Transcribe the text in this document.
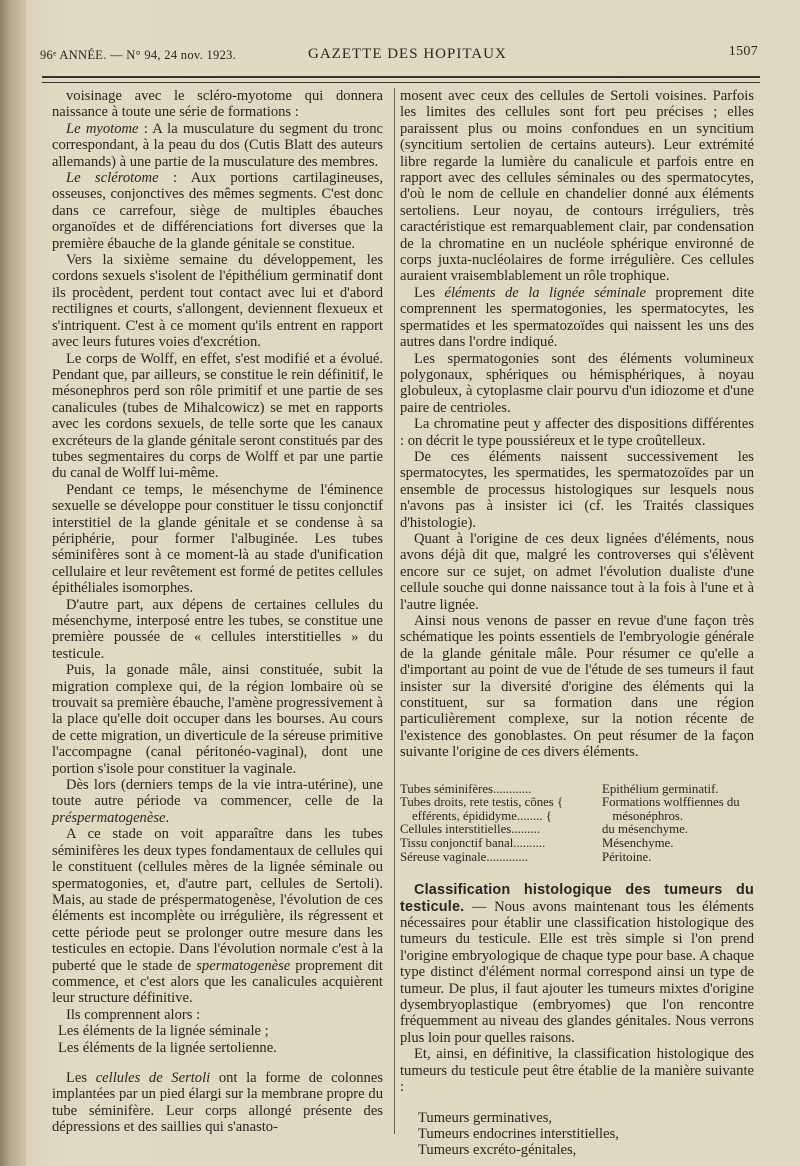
96ᵉ ANNÉE. — N° 94, 24 nov. 1923.	GAZETTE DES HOPITAUX	1507

voisinage avec le scléro-myotome qui donnera naissance à toute une série de formations :

Le myotome : A la musculature du segment du tronc correspondant, à la peau du dos (Cutis Blatt des auteurs allemands) à une partie de la musculature des membres.

Le sclérotome : Aux portions cartilagineuses, osseuses, conjonctives des mêmes segments. C'est donc dans ce carrefour, siège de multiples ébauches organoïdes et de différenciations fort diverses que la première ébauche de la glande génitale se constitue.

Vers la sixième semaine du développement, les cordons sexuels s'isolent de l'épithélium germinatif dont ils procèdent, perdent tout contact avec lui et d'abord rectilignes et courts, s'allongent, deviennent flexueux et s'intriquent. C'est à ce moment qu'ils entrent en rapport avec leurs futures voies d'excrétion.

Le corps de Wolff, en effet, s'est modifié et a évolué. Pendant que, par ailleurs, se constitue le rein définitif, le mésonephros perd son rôle primitif et une partie de ses canalicules (tubes de Mihalcowicz) se met en rapports avec les cordons sexuels, de telle sorte que les canaux excréteurs de la glande génitale seront constitués par des tubes segmentaires du corps de Wolff et par une partie du canal de Wolff lui-même.

Pendant ce temps, le mésenchyme de l'éminence sexuelle se développe pour constituer le tissu conjonctif interstitiel de la glande génitale et se condense à sa périphérie, pour former l'albuginée. Les tubes séminifères sont à ce moment-là au stade d'unification cellulaire et leur revêtement est formé de petites cellules épithéliales isomorphes.

D'autre part, aux dépens de certaines cellules du mésenchyme, interposé entre les tubes, se constitue une première poussée de « cellules interstitielles » du testicule.

Puis, la gonade mâle, ainsi constituée, subit la migration complexe qui, de la région lombaire où se trouvait sa première ébauche, l'amène progressivement à la place qu'elle doit occuper dans les bourses. Au cours de cette migration, un diverticule de la séreuse primitive l'accompagne (canal péritonéo-vaginal), dont une portion s'isole pour constituer la vaginale.

Dès lors (derniers temps de la vie intra-utérine), une toute autre période va commencer, celle de la préspermatogenèse.

A ce stade on voit apparaître dans les tubes séminifères les deux types fondamentaux de cellules qui le constituent (cellules mères de la lignée séminale ou spermatogonies, et, d'autre part, cellules de Sertoli). Mais, au stade de préspermatogenèse, l'évolution de ces éléments est incomplète ou irrégulière, ils régressent et cette période peut se prolonger outre mesure dans les testicules en ectopie. Dans l'évolution normale c'est à la puberté que le stade de spermatogenèse proprement dit commence, et c'est alors que les canalicules acquièrent leur structure définitive.

Ils comprennent alors :

Les éléments de la lignée séminale ;

Les éléments de la lignée sertolienne.

Les cellules de Sertoli ont la forme de colonnes implantées par un pied élargi sur la membrane propre du tube séminifère. Leur corps allongé présente des dépressions et des saillies qui s'anasto-

mosent avec ceux des cellules de Sertoli voisines. Parfois les limites des cellules sont fort peu précises ; elles paraissent plus ou moins confondues en un syncitium (syncitium sertolien de certains auteurs). Leur extrémité libre regarde la lumière du canalicule et parfois entre en rapport avec des cellules séminales ou des spermatocytes, d'où le nom de cellule en chandelier donné aux éléments sertoliens. Leur noyau, de contours irréguliers, très caractéristique est remarquablement clair, par condensation de la chromatine en un nucléole sphérique environné de corps juxta-nucléolaires de forme irrégulière. Ces cellules auraient vraisemblablement un rôle trophique.

Les éléments de la lignée séminale proprement dite comprennent les spermatogonies, les spermatocytes, les spermatides et les spermatozoïdes qui naissent les uns des autres dans l'ordre indiqué.

Les spermatogonies sont des éléments volumineux polygonaux, sphériques ou hémisphériques, à noyau globuleux, à cytoplasme clair pourvu d'un idiozome et d'une paire de centrioles.

La chromatine peut y affecter des dispositions différentes : on décrit le type poussiéreux et le type croûtelleux.

De ces éléments naissent successivement les spermatocytes, les spermatides, les spermatozoïdes par un ensemble de processus histologiques sur lesquels nous n'avons pas à insister ici (cf. les Traités classiques d'histologie).

Quant à l'origine de ces deux lignées d'éléments, nous avons déjà dit que, malgré les controverses qui s'élèvent encore sur ce sujet, on admet l'évolution dualiste d'une cellule souche qui donne naissance tout à la fois à l'une et à l'autre lignée.

Ainsi nous venons de passer en revue d'une façon très schématique les points essentiels de l'embryologie générale de la glande génitale mâle. Pour résumer ce qu'elle a d'important au point de vue de l'étude de ses tumeurs il faut insister sur la diversité d'origine des éléments qui la constituent, sur sa formation dans une région particulièrement complexe, sur la notion récente de l'existence des gonoblastes. On peut résumer de la façon suivante l'origine de ces divers éléments.

Tubes séminifères............	Epithélium germinatif.
Tubes droits, rete testis, cônes {	Formations wolffiennes du
efférents, épididyme........ {	mésonéphros.
Cellules interstitielles.........	du mésenchyme.
Tissu conjonctif banal..........	Mésenchyme.
Séreuse vaginale.............	Péritoine.

Classification histologique des tumeurs du testicule. — Nous avons maintenant tous les éléments nécessaires pour établir une classification histologique des tumeurs du testicule. Elle est très simple si l'on prend l'origine embryologique de chaque type pour base. A chaque type distinct d'élément normal correspond ainsi un type de tumeur. De plus, il faut ajouter les tumeurs mixtes d'origine dysembryoplastique (embryomes) que l'on rencontre fréquemment au niveau des glandes génitales. Nous verrons plus loin pour quelles raisons.

Et, ainsi, en définitive, la classification histologique des tumeurs du testicule peut être établie de la manière suivante :

Tumeurs germinatives,

Tumeurs endocrines interstitielles,

Tumeurs excréto-génitales,
